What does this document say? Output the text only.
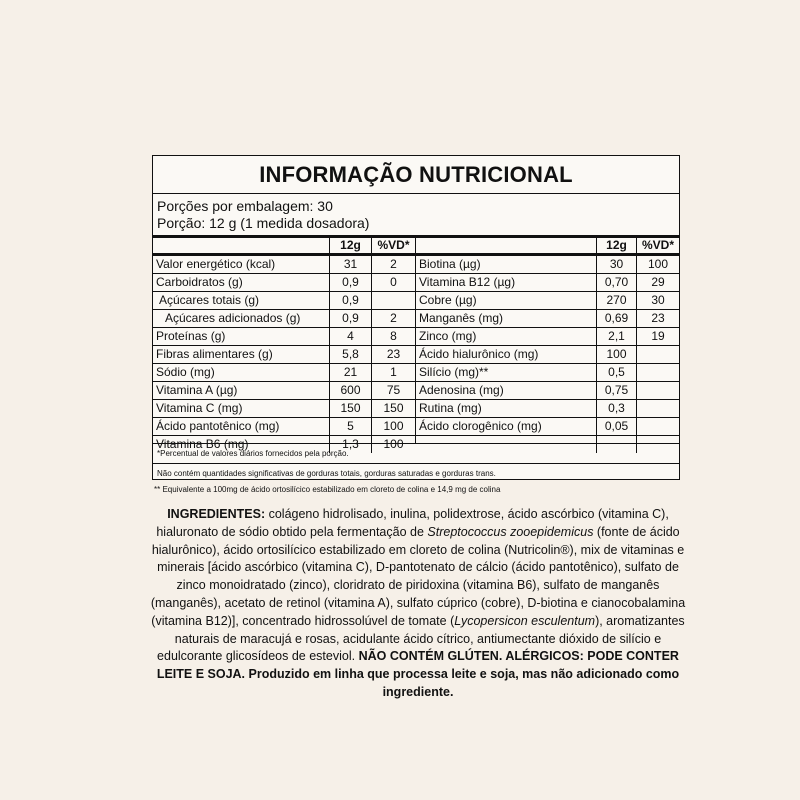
INFORMAÇÃO NUTRICIONAL
Porções por embalagem: 30
Porção: 12 g (1 medida dosadora)
12g	%VD*
Valor energético (kcal)	31	2
Carboidratos (g)	0,9	0
Açúcares totais (g)	0,9
Açúcares adicionados (g)	0,9	2
Proteínas (g)	4	8
Fibras alimentares (g)	5,8	23
Sódio (mg)	21	1
Vitamina A (µg)	600	75
Vitamina C (mg)	150	150
Ácido pantotênico (mg)	5	100
Vitamina B6 (mg)	1,3	100
12g	%VD*
Biotina (µg)	30	100
Vitamina B12 (µg)	0,70	29
Cobre (µg)	270	30
Manganês (mg)	0,69	23
Zinco (mg)	2,1	19
Ácido hialurônico (mg)	100
Silício (mg)**	0,5
Adenosina (mg)	0,75
Rutina (mg)	0,3
Ácido clorogênico (mg)	0,05
*Percentual de valores diários fornecidos pela porção.
Não contém quantidades significativas de gorduras totais, gorduras saturadas e gorduras trans.
** Equivalente a 100mg de ácido ortosilícico estabilizado em cloreto de colina e 14,9 mg de colina
INGREDIENTES: colágeno hidrolisado, inulina, polidextrose, ácido ascórbico (vitamina C), hialuronato de sódio obtido pela fermentação de Streptococcus zooepidemicus (fonte de ácido hialurônico), ácido ortosilícico estabilizado em cloreto de colina (Nutricolin®), mix de vitaminas e minerais [ácido ascórbico (vitamina C), D-pantotenato de cálcio (ácido pantotênico), sulfato de zinco monoidratado (zinco), cloridrato de piridoxina (vitamina B6), sulfato de manganês (manganês), acetato de retinol (vitamina A), sulfato cúprico (cobre), D-biotina e cianocobalamina (vitamina B12)], concentrado hidrossolúvel de tomate (Lycopersicon esculentum), aromatizantes naturais de maracujá e rosas, acidulante ácido cítrico, antiumectante dióxido de silício e edulcorante glicosídeos de esteviol. NÃO CONTÉM GLÚTEN. ALÉRGICOS: PODE CONTER LEITE E SOJA. Produzido em linha que processa leite e soja, mas não adicionado como ingrediente.
